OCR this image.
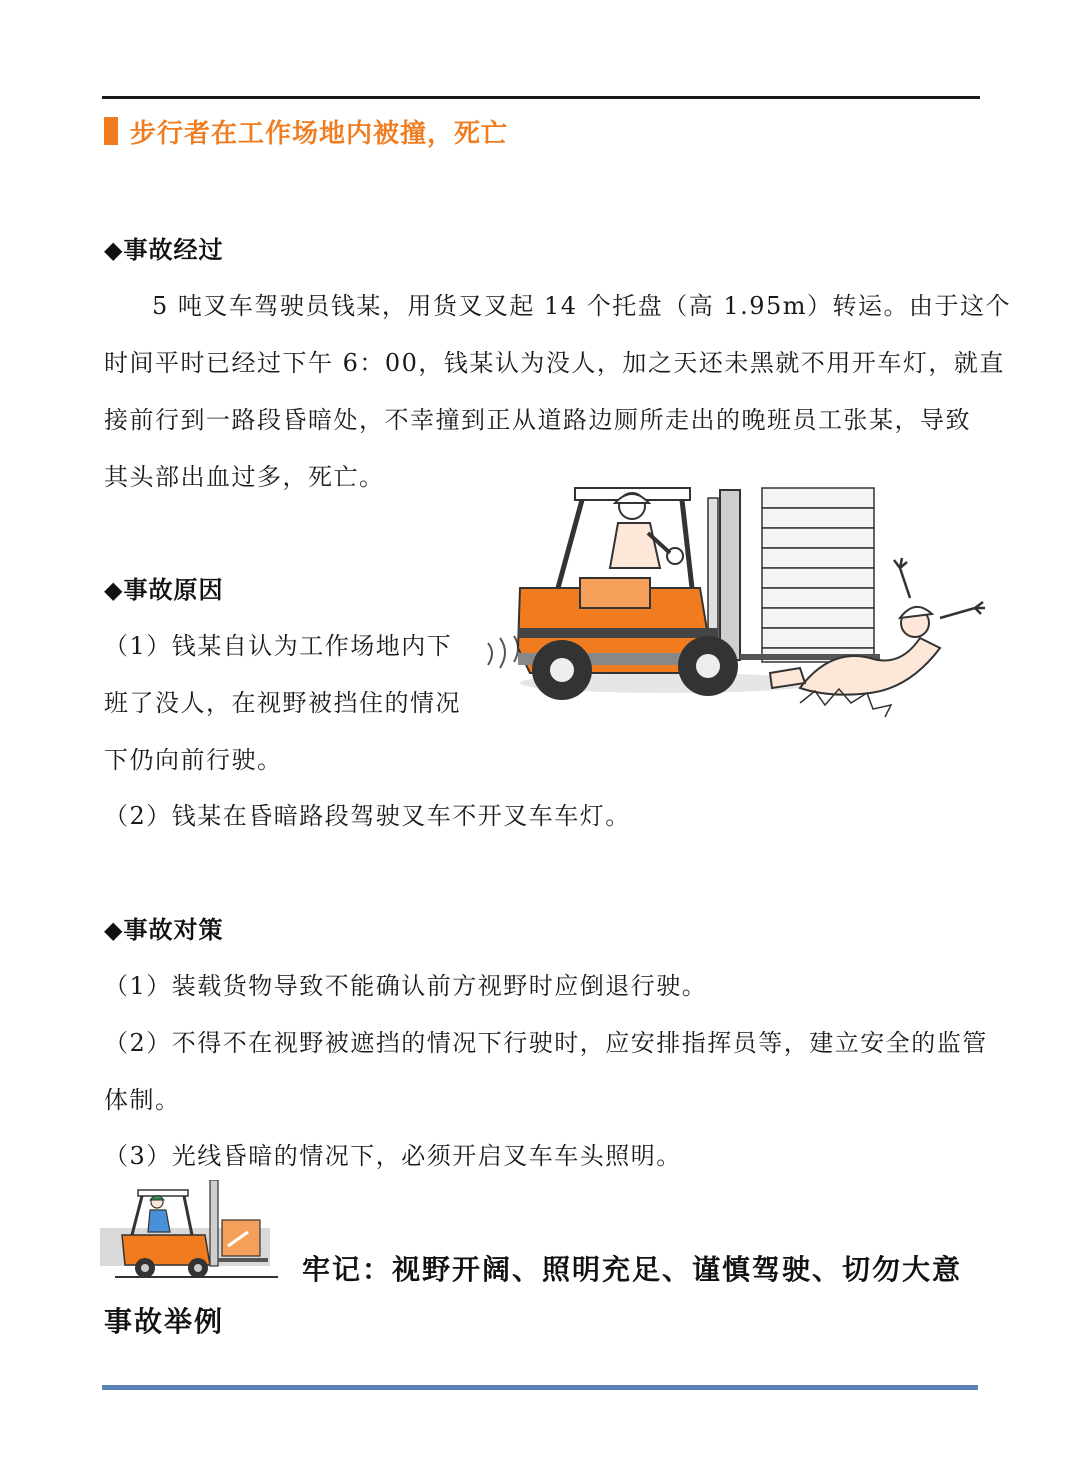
步行者在工作场地内被撞，死亡
◆事故经过
5 吨叉车驾驶员钱某，用货叉叉起 14 个托盘（高 1.95m）转运。由于这个
时间平时已经过下午 6：00，钱某认为没人，加之天还未黑就不用开车灯，就直
接前行到一路段昏暗处，不幸撞到正从道路边厕所走出的晚班员工张某，导致
其头部出血过多，死亡。
◆事故原因
（1）钱某自认为工作场地内下
班了没人，在视野被挡住的情况
下仍向前行驶。
（2）钱某在昏暗路段驾驶叉车不开叉车车灯。
◆事故对策
（1）装载货物导致不能确认前方视野时应倒退行驶。
（2）不得不在视野被遮挡的情况下行驶时，应安排指挥员等，建立安全的监管
体制。
（3）光线昏暗的情况下，必须开启叉车车头照明。
牢记：视野开阔、照明充足、谨慎驾驶、切勿大意
事故举例
